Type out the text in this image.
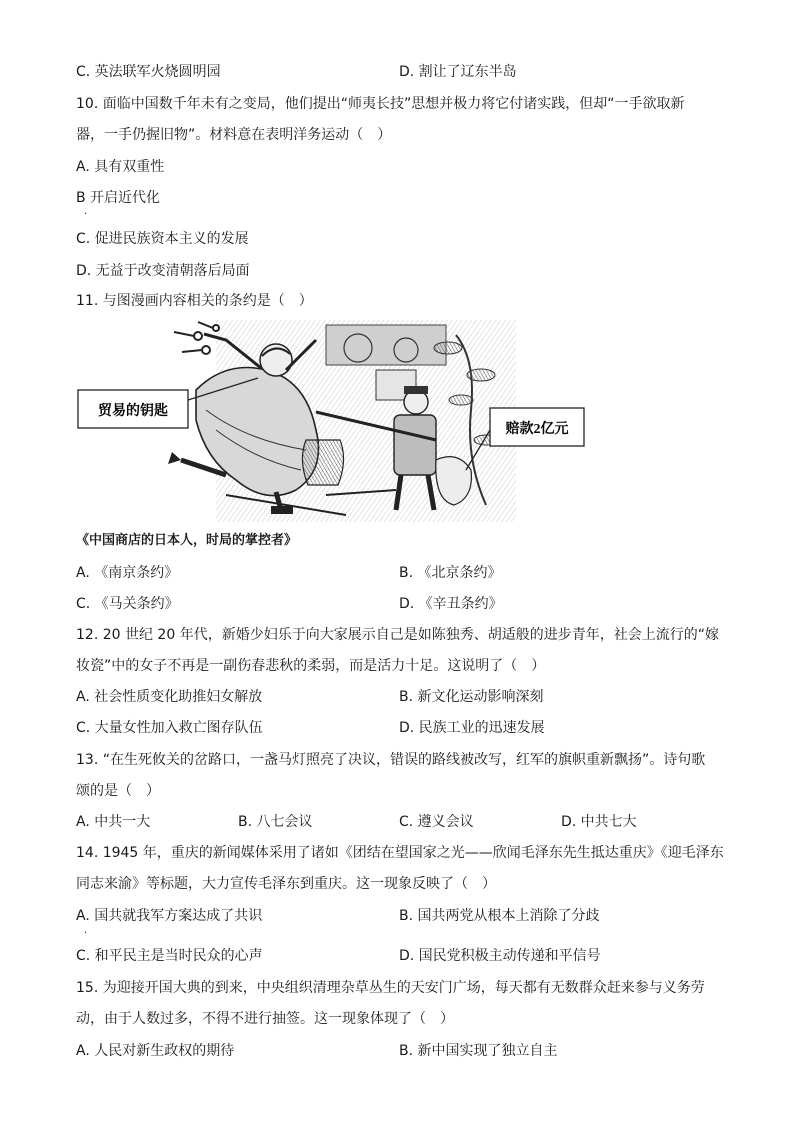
C. 英法联军火烧圆明园	D. 割让了辽东半岛
10. 面临中国数千年未有之变局，他们提出“师夷长技”思想并极力将它付诸实践，但却“一手欲取新
器，一手仍握旧物”。材料意在表明洋务运动（　）
A. 具有双重性
B 开启近代化
.
C. 促进民族资本主义的发展
D. 无益于改变清朝落后局面
11. 与图漫画内容相关的条约是（　）
贸易的钥匙
赔款2亿元
《中国商店的日本人，时局的掌控者》
A. 《南京条约》	B. 《北京条约》
C. 《马关条约》	D. 《辛丑条约》
12. 20 世纪 20 年代，新婚少妇乐于向大家展示自己是如陈独秀、胡适般的进步青年，社会上流行的“嫁
妆瓷”中的女子不再是一副伤春悲秋的柔弱，而是活力十足。这说明了（　）
A. 社会性质变化助推妇女解放	B. 新文化运动影响深刻
C. 大量女性加入救亡图存队伍	D. 民族工业的迅速发展
13. “在生死攸关的岔路口，一盏马灯照亮了决议，错误的路线被改写，红军的旗帜重新飘扬”。诗句歌
颂的是（　）
A. 中共一大	B. 八七会议	C. 遵义会议	D. 中共七大
14. 1945 年，重庆的新闻媒体采用了诸如《团结在望国家之光——欣闻毛泽东先生抵达重庆》《迎毛泽东
同志来渝》等标题，大力宣传毛泽东到重庆。这一现象反映了（　）
A. 国共就我军方案达成了共识	B. 国共两党从根本上消除了分歧
.
C. 和平民主是当时民众的心声	D. 国民党积极主动传递和平信号
15. 为迎接开国大典的到来，中央组织清理杂草丛生的天安门广场，每天都有无数群众赶来参与义务劳
动，由于人数过多，不得不进行抽签。这一现象体现了（　）
A. 人民对新生政权的期待	B. 新中国实现了独立自主
